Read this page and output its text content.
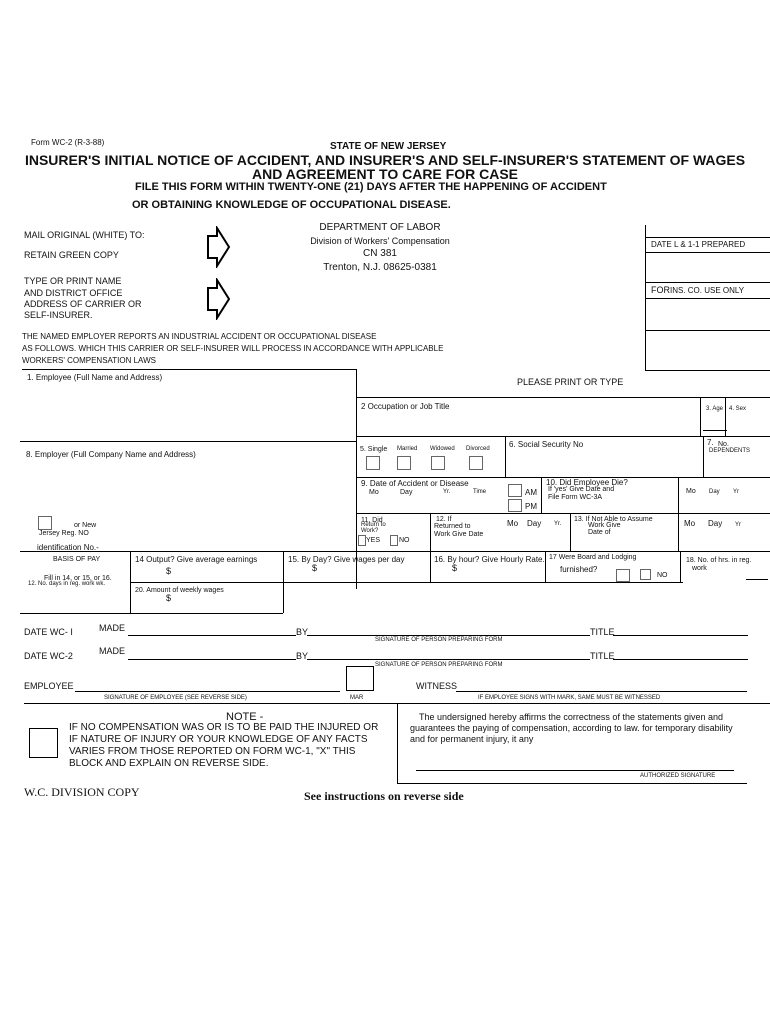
Form WC-2 (R-3-88)	STATE OF NEW JERSEY
INSURER'S INITIAL NOTICE OF ACCIDENT, AND INSURER'S AND SELF-INSURER'S STATEMENT OF WAGES
AND AGREEMENT TO CARE FOR CASE
FILE THIS FORM WITHIN TWENTY-ONE (21) DAYS AFTER THE HAPPENING OF ACCIDENT
OR OBTAINING KNOWLEDGE OF OCCUPATIONAL DISEASE.
MAIL ORIGINAL (WHITE) TO:
RETAIN GREEN COPY
TYPE OR PRINT NAME
AND DISTRICT OFFICE
ADDRESS OF CARRIER OR
SELF-INSURER.
DEPARTMENT OF LABOR
Division of Workers' Compensation
CN 381
Trenton, N.J. 08625-0381
DATE L & 1-1 PREPARED
FOR INS. CO. USE ONLY
THE NAMED EMPLOYER REPORTS AN INDUSTRIAL ACCIDENT OR OCCUPATIONAL DISEASE
AS FOLLOWS. WHICH THIS CARRIER OR SELF-INSURER WILL PROCESS IN ACCORDANCE WITH APPLICABLE
WORKERS' COMPENSATION LAWS
1. Employee (Full Name and Address)	PLEASE PRINT OR TYPE
2 Occupation or Job Title	3. Age 4. Sex
5. Single Married Widowed Divorced 6. Social Security No	7. No.
DEPENDENTS
8. Employer (Full Company Name and Address)
9. Date of Accident or Disease
Mo	Day	Yr.	Time	AM
PM
10. Did Employee Die?
If 'yes' Give Date and
File Form WC-3A
Mo Day Yr
or New
Jersey Reg. NO
identification No.-
11. Did
Return to
Work?
YES	NO
12. If
Returned to
Work Give Date
Mo Day Yr.
13. If Not Able to Assume
Work Give
Date of
Mo Day Yr
BASIS OF PAY
Fill in 14, or 15, or 16.
12. No. days in reg. work wk.
14 Output? Give average earnings
$
15. By Day? Give wages per day
$
16. By hour? Give Hourly Rate.
$
17 Were Board and Lodging
furnished?
NO
18. No. of hrs. in reg.
work
20. Amount of weekly wages
$
DATE WC- I	MADE	BY	TITLE
SIGNATURE OF PERSON PREPARING FORM
DATE WC-2	MADE	BY	TITLE
SIGNATURE OF PERSON PREPARING FORM
EMPLOYEE	WITNESS
SIGNATURE OF EMPLOYEE (SEE REVERSE SIDE)	MAR	IF EMPLOYEE SIGNS WITH MARK, SAME MUST BE WITNESSED
NOTE -
IF NO COMPENSATION WAS OR IS TO BE PAID THE INJURED OR
IF NATURE OF INJURY OR YOUR KNOWLEDGE OF ANY FACTS
VARIES FROM THOSE REPORTED ON FORM WC-1, "X" THIS
BLOCK AND EXPLAIN ON REVERSE SIDE.
The undersigned hereby affirms the correctness of the statements given and
guarantees the paying of compensation, according to law. for temporary disability
and for permanent injury, it any
AUTHORIZED SIGNATURE
W.C. DIVISION COPY	See instructions on reverse side
